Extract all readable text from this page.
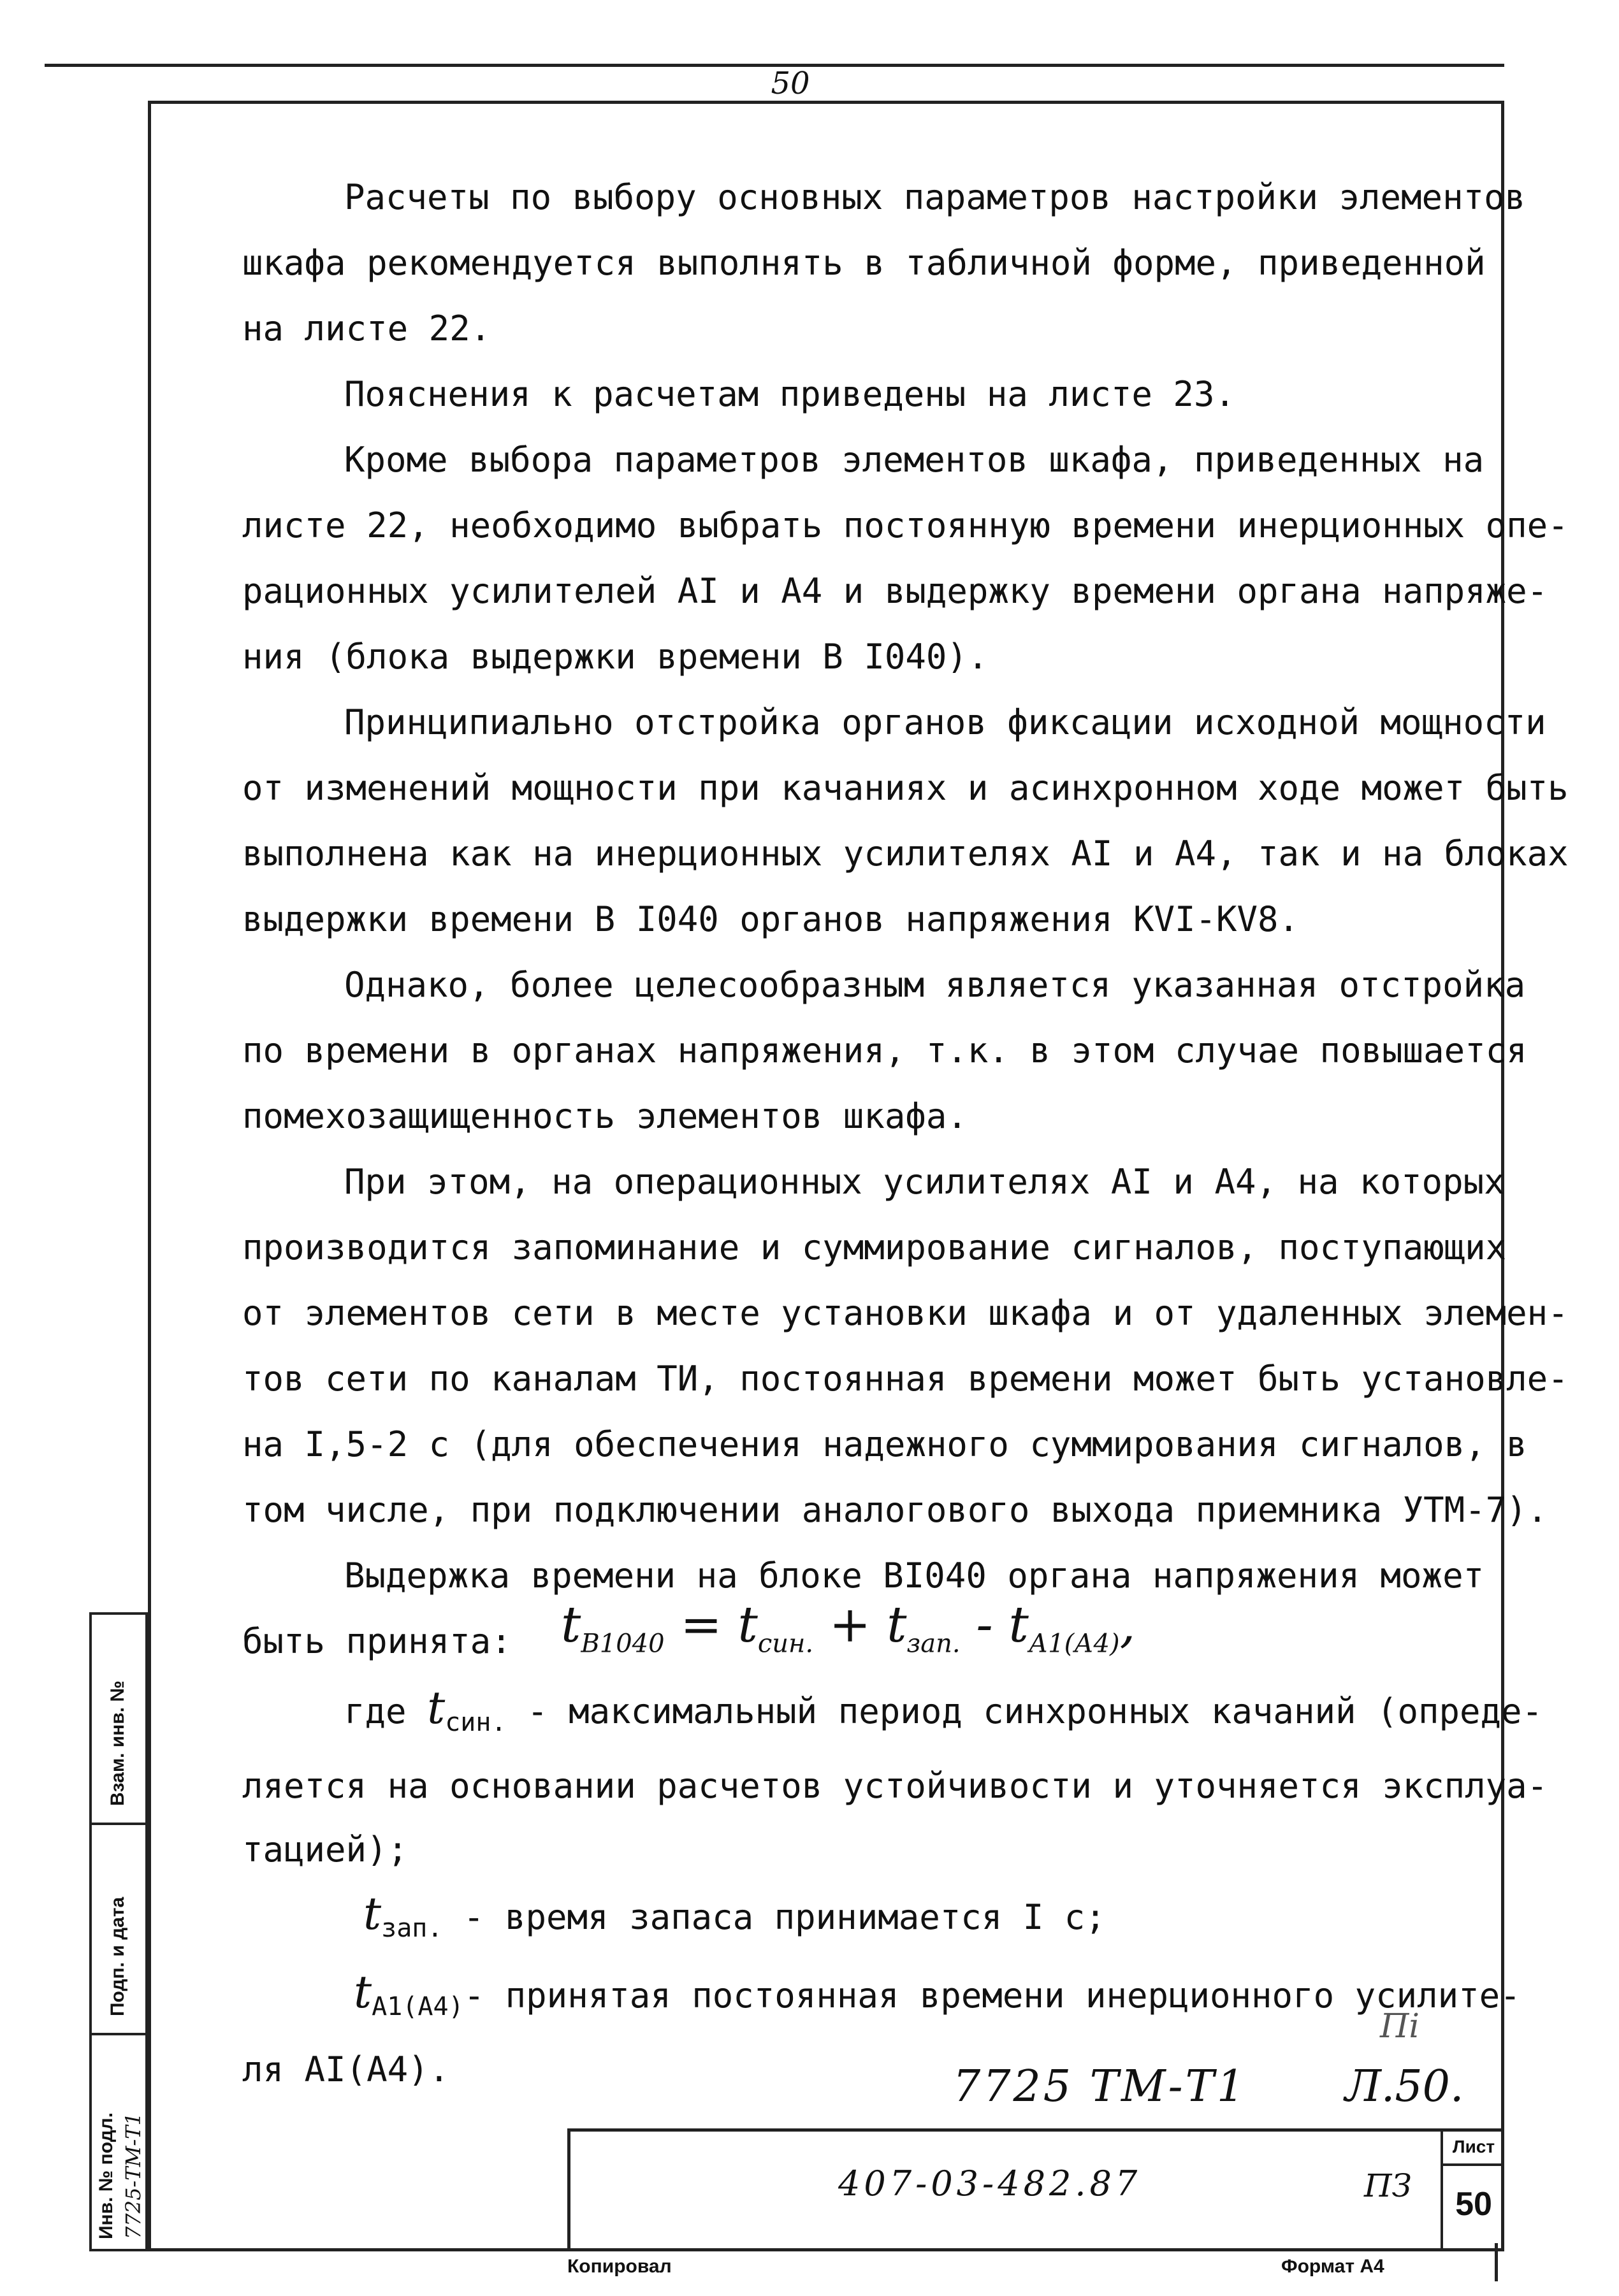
50

Расчеты по выбору основных параметров настройки элементов

шкафа рекомендуется выполнять в табличной форме, приведенной

на листе 22.

Пояснения к расчетам приведены на листе 23.

Кроме выбора параметров элементов шкафа, приведенных на

листе 22, необходимо выбрать постоянную времени инерционных опе-

рационных усилителей АI и А4 и выдержку времени органа напряже-

ния (блока выдержки времени В I040).

Принципиально отстройка органов фиксации исходной мощности

от изменений мощности при качаниях и асинхронном ходе может быть

выполнена как на инерционных усилителях АI и А4, так и на блоках

выдержки времени В I040 органов напряжения KVI-KV8.

Однако, более целесообразным является указанная отстройка

по времени в органах напряжения, т.к. в этом случае повышается

помехозащищенность элементов шкафа.

При этом, на операционных усилителях АI и А4, на которых

производится запоминание и суммирование сигналов, поступающих

от элементов сети в месте установки шкафа и от удаленных элемен-

тов сети по каналам ТИ, постоянная времени может быть установле-

на I,5-2 с (для обеспечения надежного суммирования сигналов, в

том числе, при подключении аналогового выхода приемника УТМ-7).

Выдержка времени на блоке ВI040 органа напряжения может

быть принята: $t_{В1040} = t_{син.} + t_{зап.} - t_{А1(А4)}$,

где $t_{син.}$ - максимальный период синхронных качаний (опреде-

ляется на основании расчетов устойчивости и уточняется эксплуа-

тацией);

$t_{зап.}$ - время запаса принимается I с;

$t_{А1(А4)}-$ принятая постоянная времени инерционного усилите-

ля АI(А4).

Взам. инв. №
Подп. и дата
Инв. № подл. 7725-ТМ-Т1
Пi
7725 ТМ-Т1 Л.50.
407-03-482.87	ПЗ
Лист
50
Копировал	Формат А4
